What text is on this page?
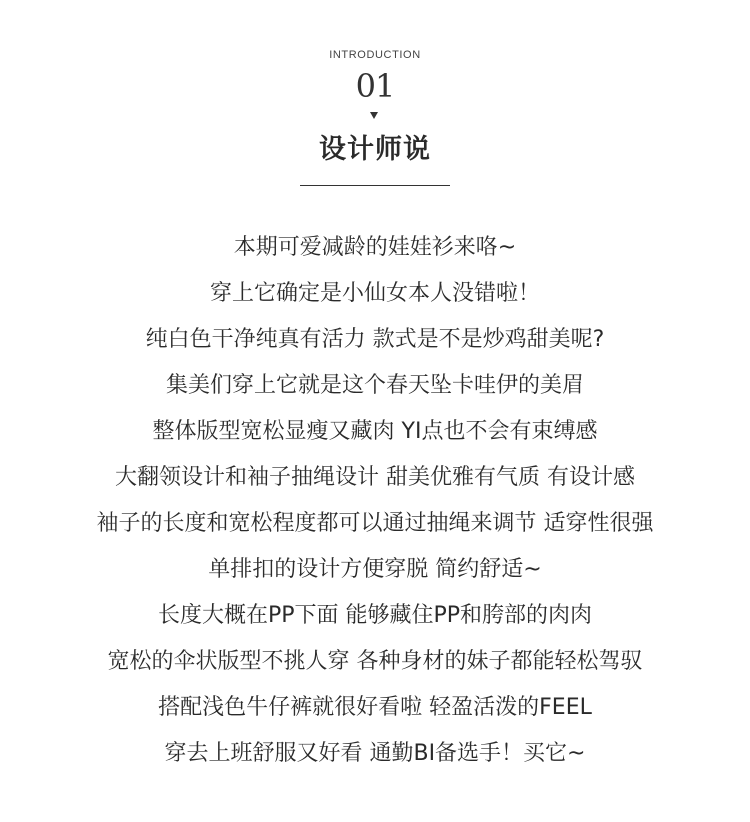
INTRODUCTION
01
设计师说
本期可爱减龄的娃娃衫来咯~
穿上它确定是小仙女本人没错啦！
纯白色干净纯真有活力 款式是不是炒鸡甜美呢?
集美们穿上它就是这个春天坠卡哇伊的美眉
整体版型宽松显瘦又藏肉 YI点也不会有束缚感
大翻领设计和袖子抽绳设计 甜美优雅有气质 有设计感
袖子的长度和宽松程度都可以通过抽绳来调节 适穿性很强
单排扣的设计方便穿脱 简约舒适~
长度大概在PP下面 能够藏住PP和胯部的肉肉
宽松的伞状版型不挑人穿 各种身材的妹子都能轻松驾驭
搭配浅色牛仔裤就很好看啦 轻盈活泼的FEEL
穿去上班舒服又好看 通勤BI备选手！买它~
